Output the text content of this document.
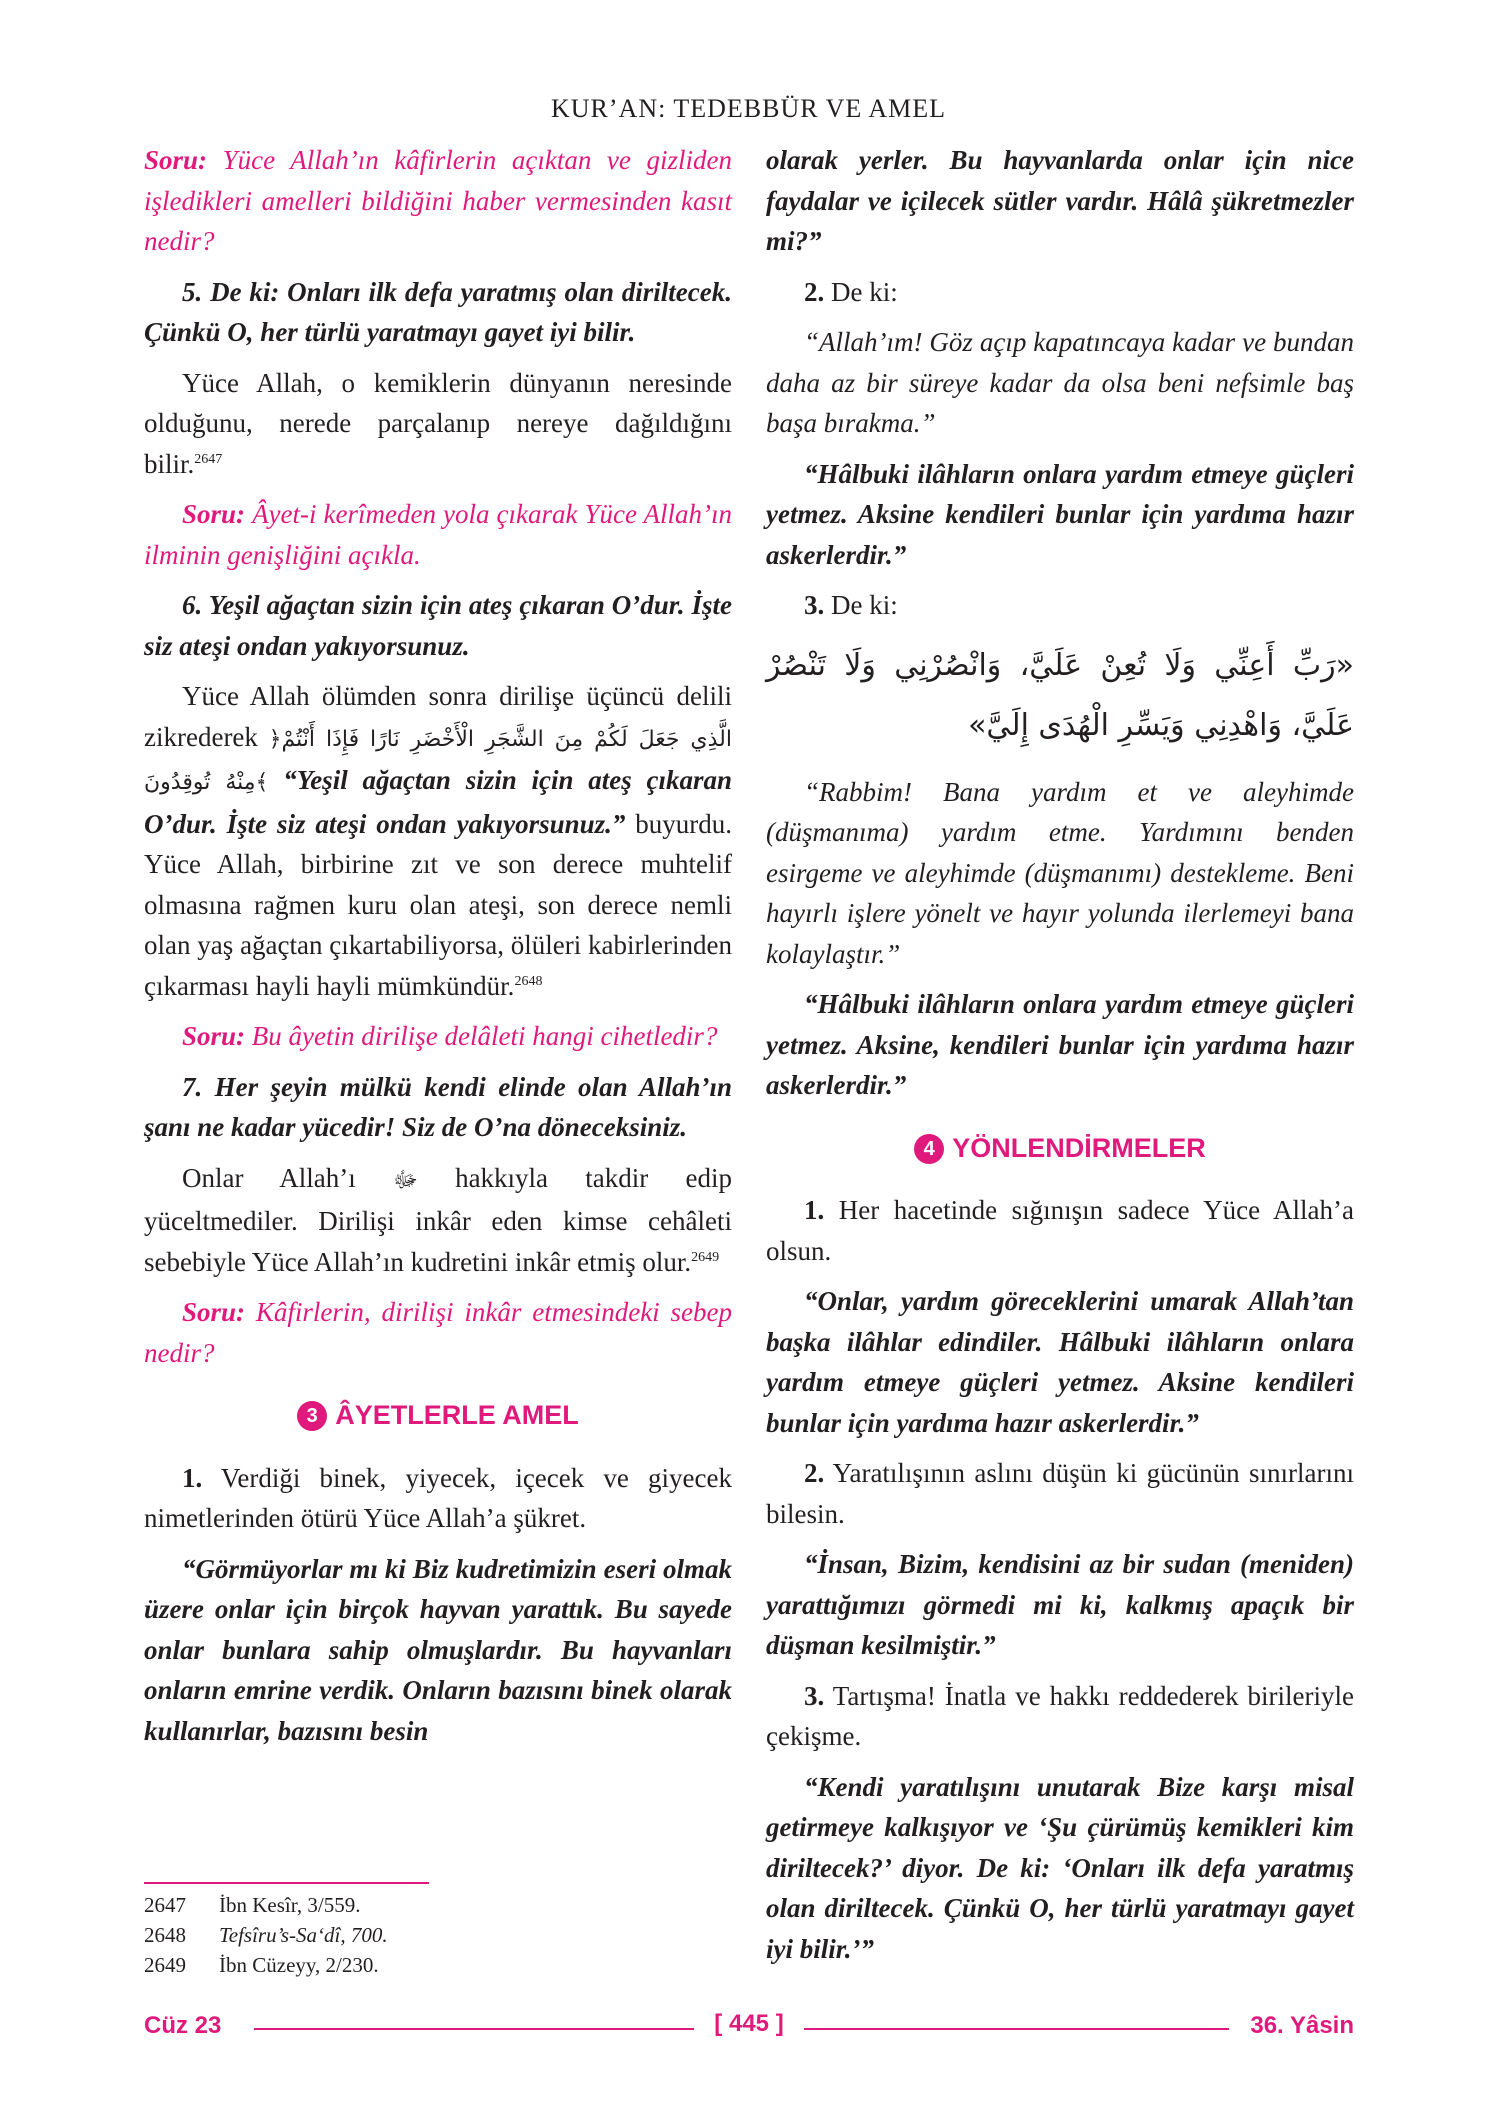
KUR’AN: TEDEBBÜR VE AMEL

Soru: Yüce Allah’ın kâfirlerin açıktan ve gizliden işledikleri amelleri bildiğini haber vermesinden kasıt nedir?

5. De ki: Onları ilk defa yaratmış olan diriltecek. Çünkü O, her türlü yaratmayı gayet iyi bilir.

Yüce Allah, o kemiklerin dünyanın neresinde olduğunu, nerede parçalanıp nereye dağıldığını bilir.$^{2647}$

Soru: Âyet-i kerîmeden yola çıkarak Yüce Allah’ın ilminin genişliğini açıkla.

6. Yeşil ağaçtan sizin için ateş çıkaran O’dur. İşte siz ateşi ondan yakıyorsunuz.

Yüce Allah ölümden sonra dirilişe üçüncü delili zikrederek ﴿الَّذِي جَعَلَ لَكُمْ مِنَ الشَّجَرِ الْأَخْضَرِ نَارًا فَإِذَا أَنْتُمْ مِنْهُ تُوقِدُونَ﴾ “Yeşil ağaçtan sizin için ateş çıkaran O’dur. İşte siz ateşi ondan yakıyorsunuz.” buyurdu. Yüce Allah, birbirine zıt ve son derece muhtelif olmasına rağmen kuru olan ateşi, son derece nemli olan yaş ağaçtan çıkartabiliyorsa, ölüleri kabirlerinden çıkarması hayli hayli mümkündür.$^{2648}$

Soru: Bu âyetin dirilişe delâleti hangi cihetledir?

7. Her şeyin mülkü kendi elinde olan Allah’ın şanı ne kadar yücedir! Siz de O’na döneceksiniz.

Onlar Allah’ı ﷻ hakkıyla takdir edip yüceltmediler. Dirilişi inkâr eden kimse cehâleti sebebiyle Yüce Allah’ın kudretini inkâr etmiş olur.$^{2649}$

Soru: Kâfirlerin, dirilişi inkâr etmesindeki sebep nedir?

3 ÂYETLERLE AMEL

1. Verdiği binek, yiyecek, içecek ve giyecek nimetlerinden ötürü Yüce Allah’a şükret.

“Görmüyorlar mı ki Biz kudretimizin eseri olmak üzere onlar için birçok hayvan yarattık. Bu sayede onlar bunlara sahip olmuşlardır. Bu hayvanları onların emrine verdik. Onların bazısını binek olarak kullanırlar, bazısını besin

2647	İbn Kesîr, 3/559.
2648	Tefsîru’s-Sa‘dî, 700.
2649	İbn Cüzeyy, 2/230.

olarak yerler. Bu hayvanlarda onlar için nice faydalar ve içilecek sütler vardır. Hâlâ şükretmezler mi?”

2. De ki:

“Allah’ım! Göz açıp kapatıncaya kadar ve bundan daha az bir süreye kadar da olsa beni nefsimle baş başa bırakma.”

“Hâlbuki ilâhların onlara yardım etmeye güçleri yetmez. Aksine kendileri bunlar için yardıma hazır askerlerdir.”

3. De ki:

«رَبِّ أَعِنِّي وَلَا تُعِنْ عَلَيَّ، وَانْصُرْنِي وَلَا تَنْصُرْ عَلَيَّ، وَاهْدِنِي وَيَسِّرِ الْهُدَى إِلَيَّ»

“Rabbim! Bana yardım et ve aleyhimde (düşmanıma) yardım etme. Yardımını benden esirgeme ve aleyhimde (düşmanımı) destekleme. Beni hayırlı işlere yönelt ve hayır yolunda ilerlemeyi bana kolaylaştır.”

“Hâlbuki ilâhların onlara yardım etmeye güçleri yetmez. Aksine, kendileri bunlar için yardıma hazır askerlerdir.”

4 YÖNLENDİRMELER

1. Her hacetinde sığınışın sadece Yüce Allah’a olsun.

“Onlar, yardım göreceklerini umarak Allah’tan başka ilâhlar edindiler. Hâlbuki ilâhların onlara yardım etmeye güçleri yetmez. Aksine kendileri bunlar için yardıma hazır askerlerdir.”

2. Yaratılışının aslını düşün ki gücünün sınırlarını bilesin.

“İnsan, Bizim, kendisini az bir sudan (meniden) yarattığımızı görmedi mi ki, kalkmış apaçık bir düşman kesilmiştir.”

3. Tartışma! İnatla ve hakkı reddederek birileriyle çekişme.

“Kendi yaratılışını unutarak Bize karşı misal getirmeye kalkışıyor ve ‘Şu çürümüş kemikleri kim diriltecek?’ diyor. De ki: ‘Onları ilk defa yaratmış olan diriltecek. Çünkü O, her türlü yaratmayı gayet iyi bilir.’”

Cüz 23	[ 445 ]	36. Yâsin
